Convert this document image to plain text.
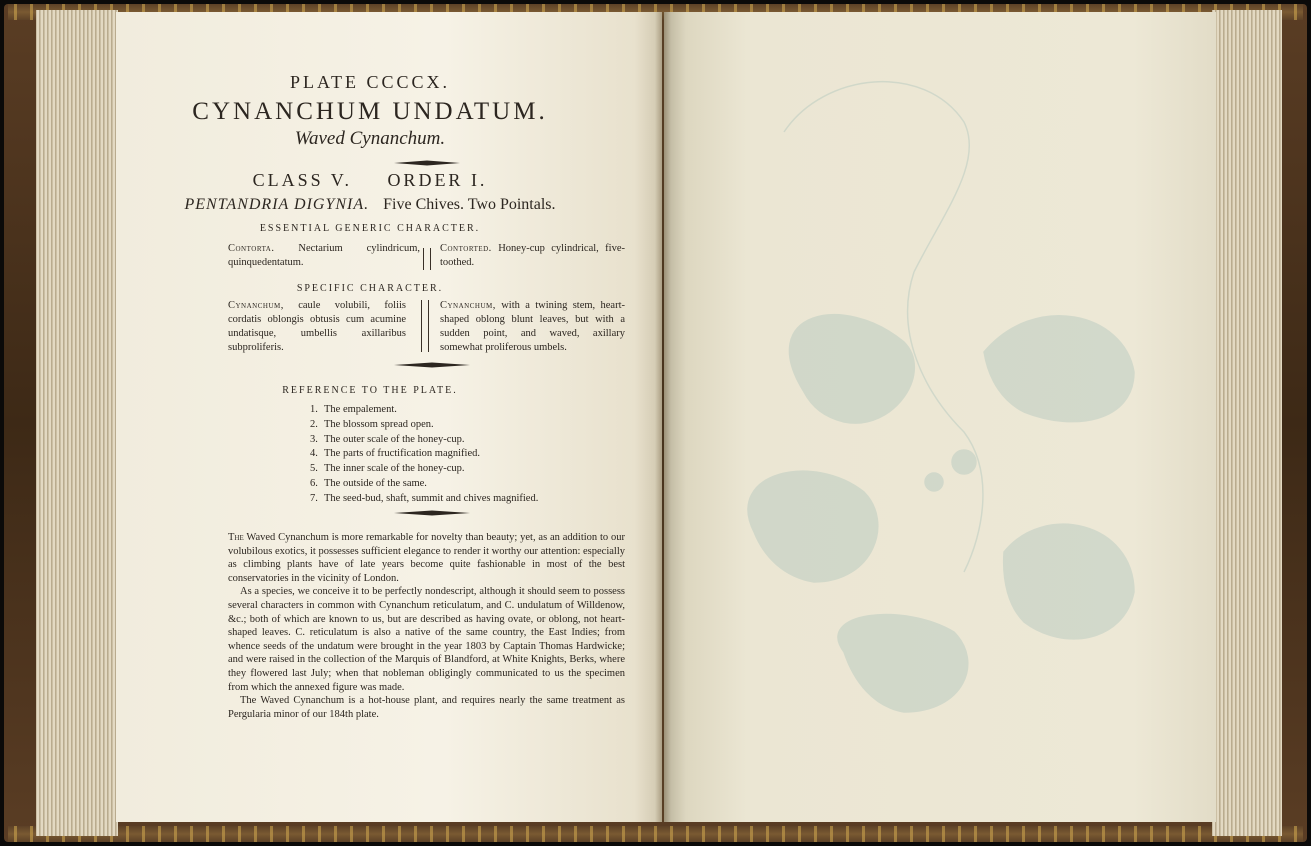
PLATE CCCCX.
CYNANCHUM UNDATUM.
Waved Cynanchum.
CLASS V. ORDER I.
PENTANDRIA DIGYNIA. Five Chives. Two Pointals.
ESSENTIAL GENERIC CHARACTER.
Contorta. Nectarium cylindricum, quinquedentatum.
Contorted. Honey-cup cylindrical, five-toothed.
SPECIFIC CHARACTER.
Cynanchum, caule volubili, foliis cordatis oblongis obtusis cum acumine undatisque, umbellis axillaribus subproliferis.
Cynanchum, with a twining stem, heart-shaped oblong blunt leaves, but with a sudden point, and waved, axillary somewhat proliferous umbels.
REFERENCE TO THE PLATE.
1. The empalement.
2. The blossom spread open.
3. The outer scale of the honey-cup.
4. The parts of fructification magnified.
5. The inner scale of the honey-cup.
6. The outside of the same.
7. The seed-bud, shaft, summit and chives magnified.

The Waved Cynanchum is more remarkable for novelty than beauty; yet, as an addition to our volubilous exotics, it possesses sufficient elegance to render it worthy our attention: especially as climbing plants have of late years become quite fashionable in most of the best conservatories in the vicinity of London.

As a species, we conceive it to be perfectly nondescript, although it should seem to possess several characters in common with Cynanchum reticulatum, and C. undulatum of Willdenow, &c.; both of which are known to us, but are described as having ovate, or oblong, not heart-shaped leaves. C. reticulatum is also a native of the same country, the East Indies; from whence seeds of the undatum were brought in the year 1803 by Captain Thomas Hardwicke; and were raised in the collection of the Marquis of Blandford, at White Knights, Berks, where they flowered last July; when that nobleman obligingly communicated to us the specimen from which the annexed figure was made.

The Waved Cynanchum is a hot-house plant, and requires nearly the same treatment as Pergularia minor of our 184th plate.
